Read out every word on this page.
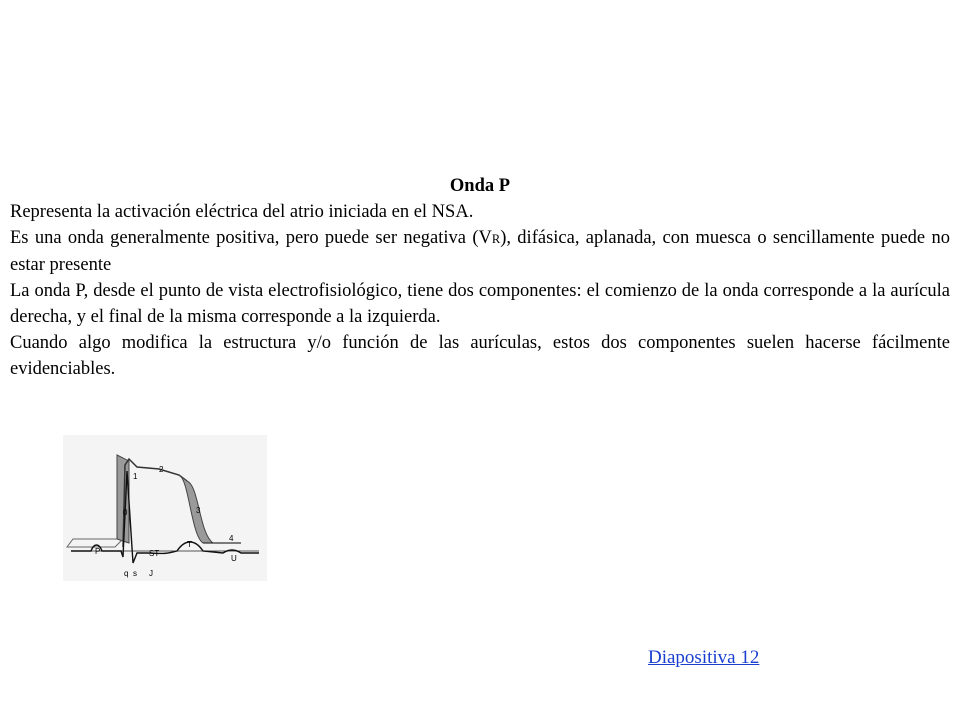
Onda P

Representa la activación eléctrica del atrio iniciada en el NSA.

Es una onda generalmente positiva, pero puede ser negativa (VR), difásica, aplanada, con muesca o sencillamente puede no estar presente

La onda P, desde el punto de vista electrofisiológico, tiene dos componentes: el comienzo de la onda corresponde a la aurícula derecha, y el final de la misma corresponde a la izquierda.

Cuando algo modifica la estructura y/o función de las aurículas, estos dos componentes suelen hacerse fácilmente evidenciables.

0
1
2
3
4
P	ST
T
U
q s J
Diapositiva 12
